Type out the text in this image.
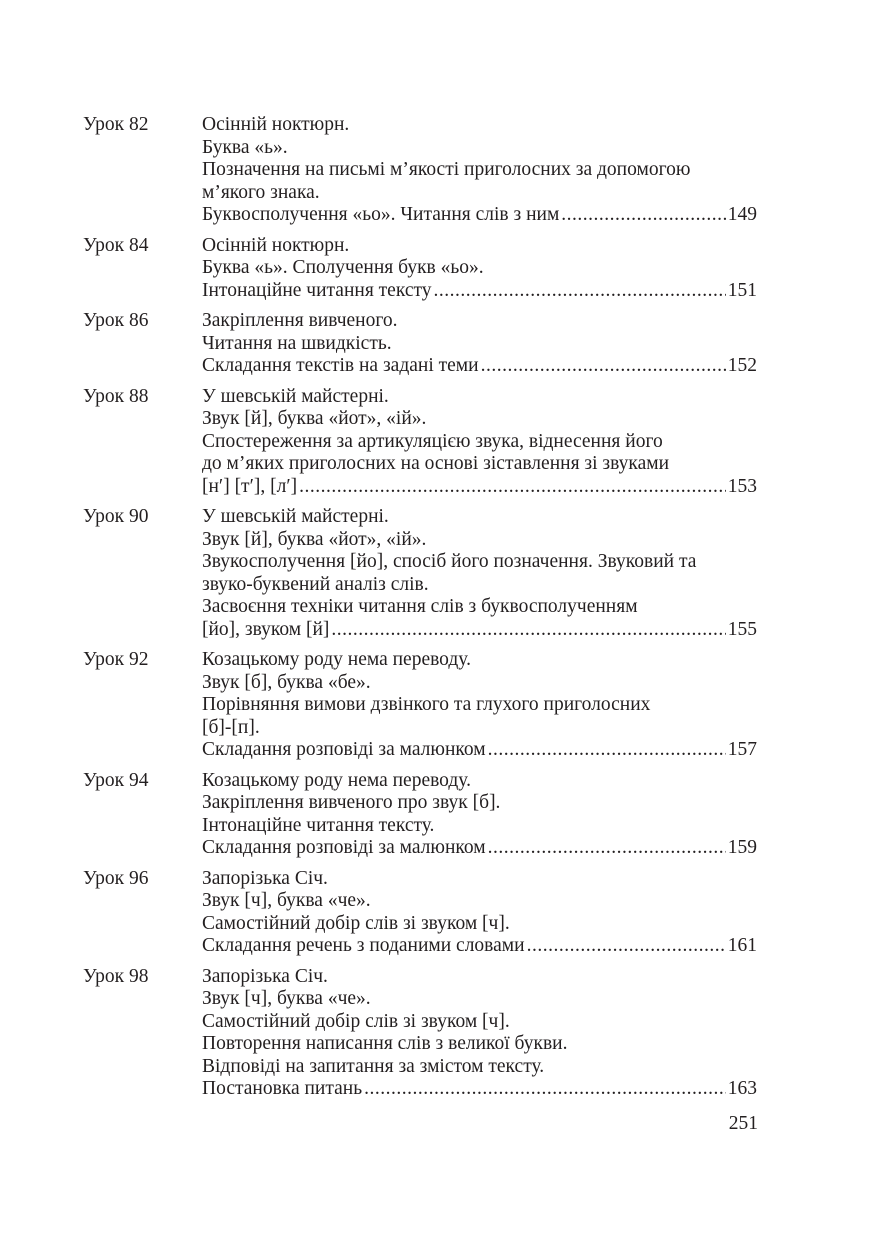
Урок 82	Осінній ноктюрн.
Буква «ь».
Позначення на письмі м’якості приголосних за допомогою
м’якого знака.
Буквосполучення «ьо». Читання слів з ним .....	149
Урок 84	Осінній ноктюрн.
Буква «ь». Сполучення букв «ьо».
Інтонаційне читання тексту .....	151
Урок 86	Закріплення вивченого.
Читання на швидкість.
Складання текстів на задані теми .....	152
Урок 88	У шевській майстерні.
Звук [й], буква «йот», «ій».
Спостереження за артикуляцією звука, віднесення його
до м’яких приголосних на основі зіставлення зі звуками
[н′] [т′], [л′] .....	153
Урок 90	У шевській майстерні.
Звук [й], буква «йот», «ій».
Звукосполучення [йо], спосіб його позначення. Звуковий та
звуко-буквений аналіз слів.
Засвоєння техніки читання слів з буквосполученням
[йо], звуком [й] .....	155
Урок 92	Козацькому роду нема переводу.
Звук [б], буква «бе».
Порівняння вимови дзвінкого та глухого приголосних
[б]-[п].
Складання розповіді за малюнком .....	157
Урок 94	Козацькому роду нема переводу.
Закріплення вивченого про звук [б].
Інтонаційне читання тексту.
Складання розповіді за малюнком .....	159
Урок 96	Запорізька Січ.
Звук [ч], буква «че».
Самостійний добір слів зі звуком [ч].
Складання речень з поданими словами .....	161
Урок 98	Запорізька Січ.
Звук [ч], буква «че».
Самостійний добір слів зі звуком [ч].
Повторення написання слів з великої букви.
Відповіді на запитання за змістом тексту.
Постановка питань .....	163
251
